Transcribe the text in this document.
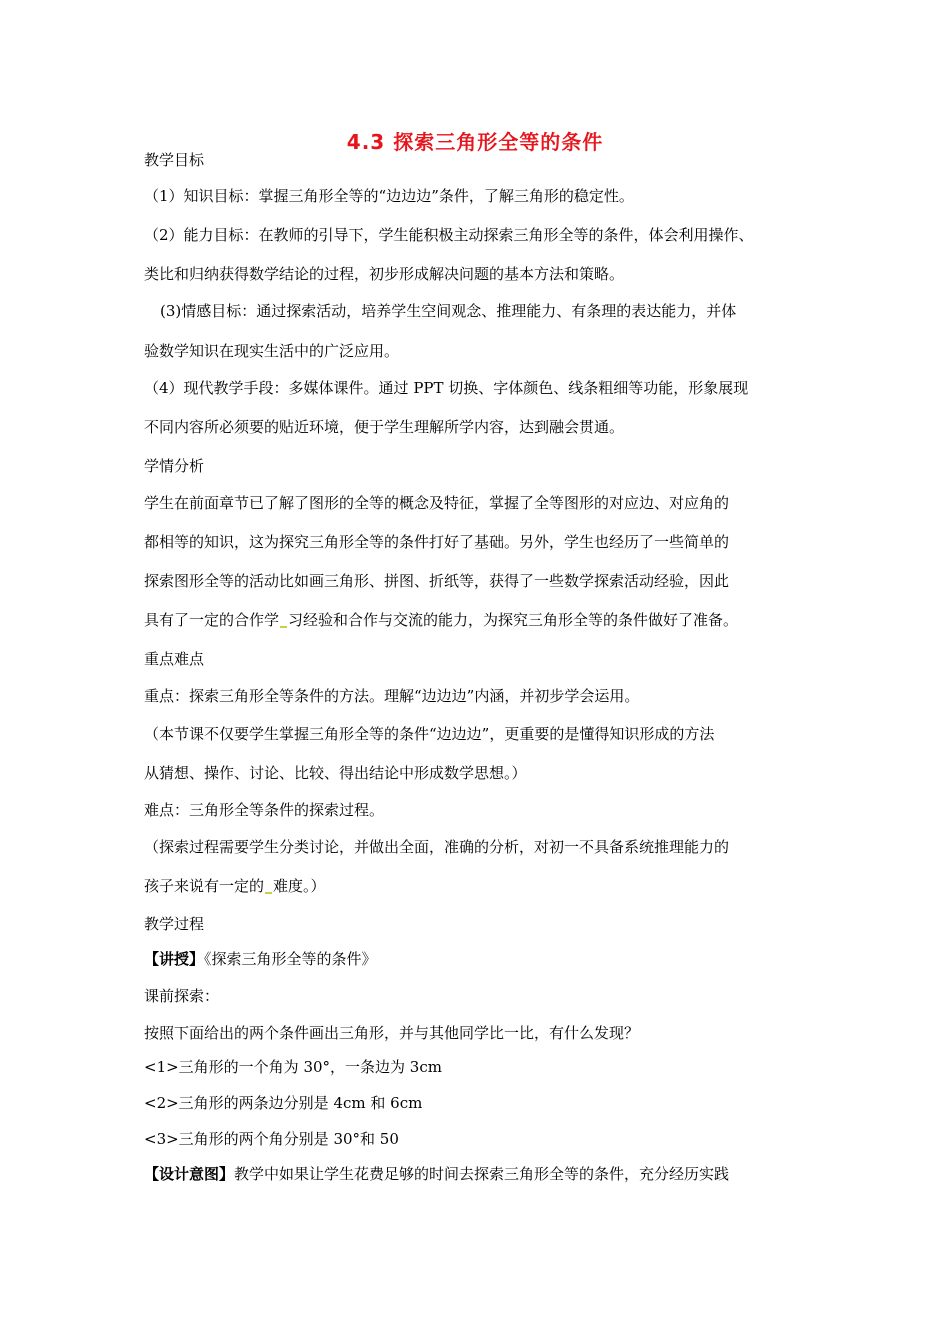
4.3 探索三角形全等的条件
教学目标
（1）知识目标：掌握三角形全等的“边边边”条件，了解三角形的稳定性。
（2）能力目标：在教师的引导下，学生能积极主动探索三角形全等的条件，体会利用操作、
类比和归纳获得数学结论的过程，初步形成解决问题的基本方法和策略。
(3)情感目标：通过探索活动，培养学生空间观念、推理能力、有条理的表达能力，并体
验数学知识在现实生活中的广泛应用。
（4）现代教学手段：多媒体课件。通过 PPT 切换、字体颜色、线条粗细等功能，形象展现
不同内容所必须要的贴近环境，便于学生理解所学内容，达到融会贯通。
学情分析
学生在前面章节已了解了图形的全等的概念及特征，掌握了全等图形的对应边、对应角的
都相等的知识，这为探究三角形全等的条件打好了基础。另外，学生也经历了一些简单的
探索图形全等的活动比如画三角形、拼图、折纸等，获得了一些数学探索活动经验，因此
具有了一定的合作学 习经验和合作与交流的能力，为探究三角形全等的条件做好了准备。
重点难点
重点：探索三角形全等条件的方法。理解“边边边”内涵，并初步学会运用。
（本节课不仅要学生掌握三角形全等的条件“边边边”，更重要的是懂得知识形成的方法
从猜想、操作、讨论、比较、得出结论中形成数学思想。）
难点：三角形全等条件的探索过程。
（探索过程需要学生分类讨论，并做出全面，准确的分析，对初一不具备系统推理能力的
孩子来说有一定的 难度。）
教学过程
【讲授】《探索三角形全等的条件》
课前探索：
按照下面给出的两个条件画出三角形，并与其他同学比一比，有什么发现？
<1>三角形的一个角为 30°，一条边为 3cm
<2>三角形的两条边分别是 4cm 和 6cm
<3>三角形的两个角分别是 30°和 50
【设计意图】教学中如果让学生花费足够的时间去探索三角形全等的条件，充分经历实践
